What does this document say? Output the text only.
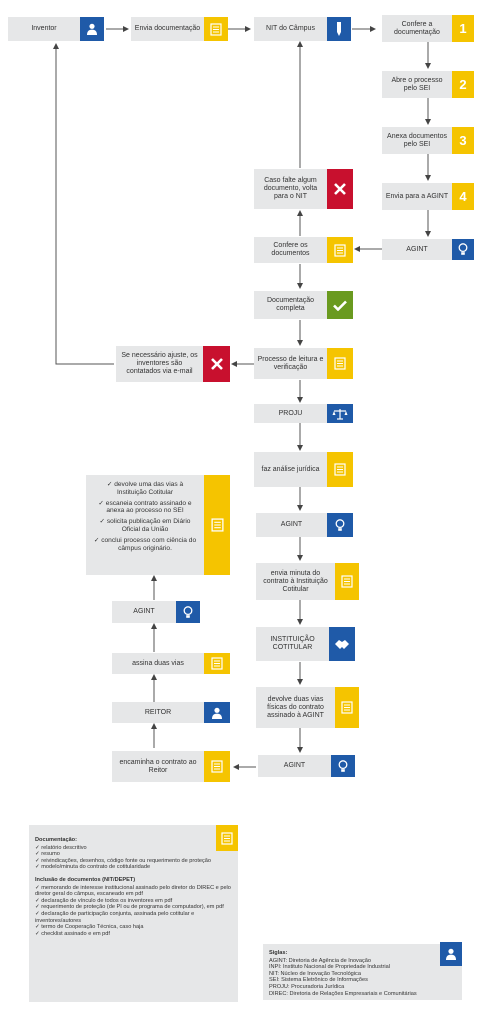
Inventor	Envia documentação	NIT do Câmpus
Confere a documentação	1
Abre o processo pelo SEI	2
Anexa documentos pelo SEI	3
Envia para a AGINT 4
AGINT
Caso falte algum documento, volta para o NIT
Confere os documentos
Documentação completa
Processo de leitura e verificação
Se necessário ajuste, os inventores são contatados via e-mail
PROJU
faz análise jurídica
AGINT
envia minuta do contrato à Instituição Cotitular
INSTITUIÇÃO COTITULAR
devolve duas vias físicas do contrato assinado à AGINT
AGINT
encaminha o contrato ao Reitor
REITOR
assina duas vias
AGINT
✓ devolve uma das vias à Instituição Cotitular
✓ escaneia contrato assinado e anexa ao processo no SEI
✓ solicita publicação em Diário Oficial da União
✓ conclui processo com ciência do câmpus originário.
Documentação:
✓ relatório descritivo
✓ resumo
✓ reivindicações, desenhos, código fonte ou requerimento de proteção
✓ modelo/minuta do contrato de cotitularidade
Inclusão de documentos (NIT/DEPET)
✓ memorando de interesse institucional assinado pelo diretor do DIREC e pelo diretor geral do câmpus, escaneado em pdf
✓ declaração de vínculo de todos os inventores em pdf
✓ requerimento de proteção (de PI ou de programa de computador), em pdf
✓ declaração de participação conjunta, assinada pelo cotitular e inventores/autores
✓ termo de Cooperação Técnica, caso haja
✓ checklist assinado e em pdf
Siglas:
AGINT: Diretoria de Agência de Inovação
INPI: Instituto Nacional de Propriedade Industrial
NIT: Núcleo de Inovação Tecnológica
SEI: Sistema Eletrônico de Informações
PROJU: Procuradoria Jurídica
DIREC: Diretoria de Relações Empresariais e Comunitárias
